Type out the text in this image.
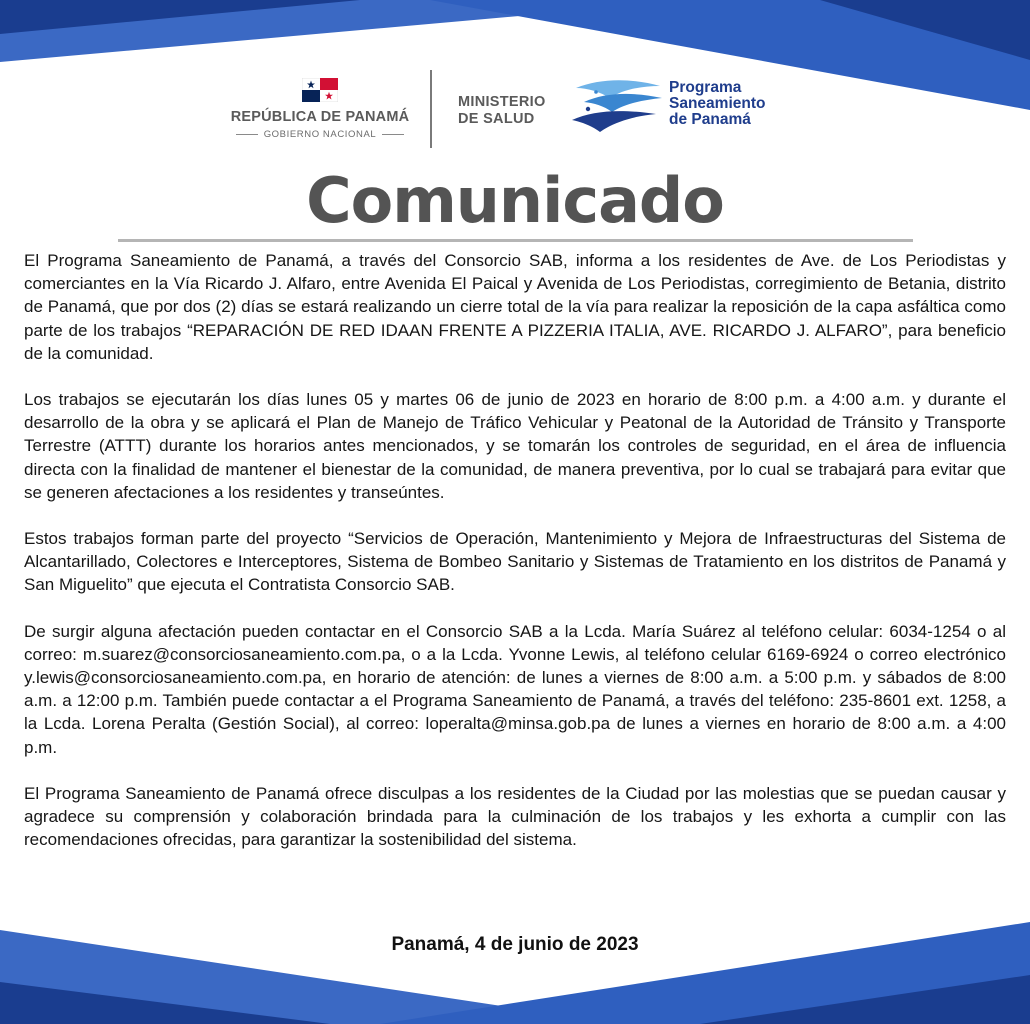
REPÚBLICA DE PANAMÁ
GOBIERNO NACIONAL
MINISTERIO
DE SALUD
Programa
Saneamiento
de Panamá
Comunicado

El Programa Saneamiento de Panamá, a través del Consorcio SAB, informa a los residentes de Ave. de Los Periodistas y comerciantes en la Vía Ricardo J. Alfaro, entre Avenida El Paical y Avenida de Los Periodistas, corregimiento de Betania, distrito de Panamá, que por dos (2) días se estará realizando un cierre total de la vía para realizar la reposición de la capa asfáltica como parte de los trabajos “REPARACIÓN DE RED IDAAN FRENTE A PIZZERIA ITALIA, AVE. RICARDO J. ALFARO”, para beneficio de la comunidad.

Los trabajos se ejecutarán los días lunes 05 y martes 06 de junio de 2023 en horario de 8:00 p.m. a 4:00 a.m. y durante el desarrollo de la obra y se aplicará el Plan de Manejo de Tráfico Vehicular y Peatonal de la Autoridad de Tránsito y Transporte Terrestre (ATTT) durante los horarios antes mencionados, y se tomarán los controles de seguridad, en el área de influencia directa con la finalidad de mantener el bienestar de la comunidad, de manera preventiva, por lo cual se trabajará para evitar que se generen afectaciones a los residentes y transeúntes.

Estos trabajos forman parte del proyecto “Servicios de Operación, Mantenimiento y Mejora de Infraestructuras del Sistema de Alcantarillado, Colectores e Interceptores, Sistema de Bombeo Sanitario y Sistemas de Tratamiento en los distritos de Panamá y San Miguelito” que ejecuta el Contratista Consorcio SAB.

De surgir alguna afectación pueden contactar en el Consorcio SAB a la Lcda. María Suárez al teléfono celular: 6034-1254 o al correo: m.suarez@consorciosaneamiento.com.pa, o a la Lcda. Yvonne Lewis, al teléfono celular 6169-6924 o correo electrónico y.lewis@consorciosaneamiento.com.pa, en horario de atención: de lunes a viernes de 8:00 a.m. a 5:00 p.m. y sábados de 8:00 a.m. a 12:00 p.m. También puede contactar a el Programa Saneamiento de Panamá, a través del teléfono: 235-8601 ext. 1258, a la Lcda. Lorena Peralta (Gestión Social), al correo: loperalta@minsa.gob.pa de lunes a viernes en horario de 8:00 a.m. a 4:00 p.m.

El Programa Saneamiento de Panamá ofrece disculpas a los residentes de la Ciudad por las molestias que se puedan causar y agradece su comprensión y colaboración brindada para la culminación de los trabajos y les exhorta a cumplir con las recomendaciones ofrecidas, para garantizar la sostenibilidad del sistema.

Panamá, 4 de junio de 2023
